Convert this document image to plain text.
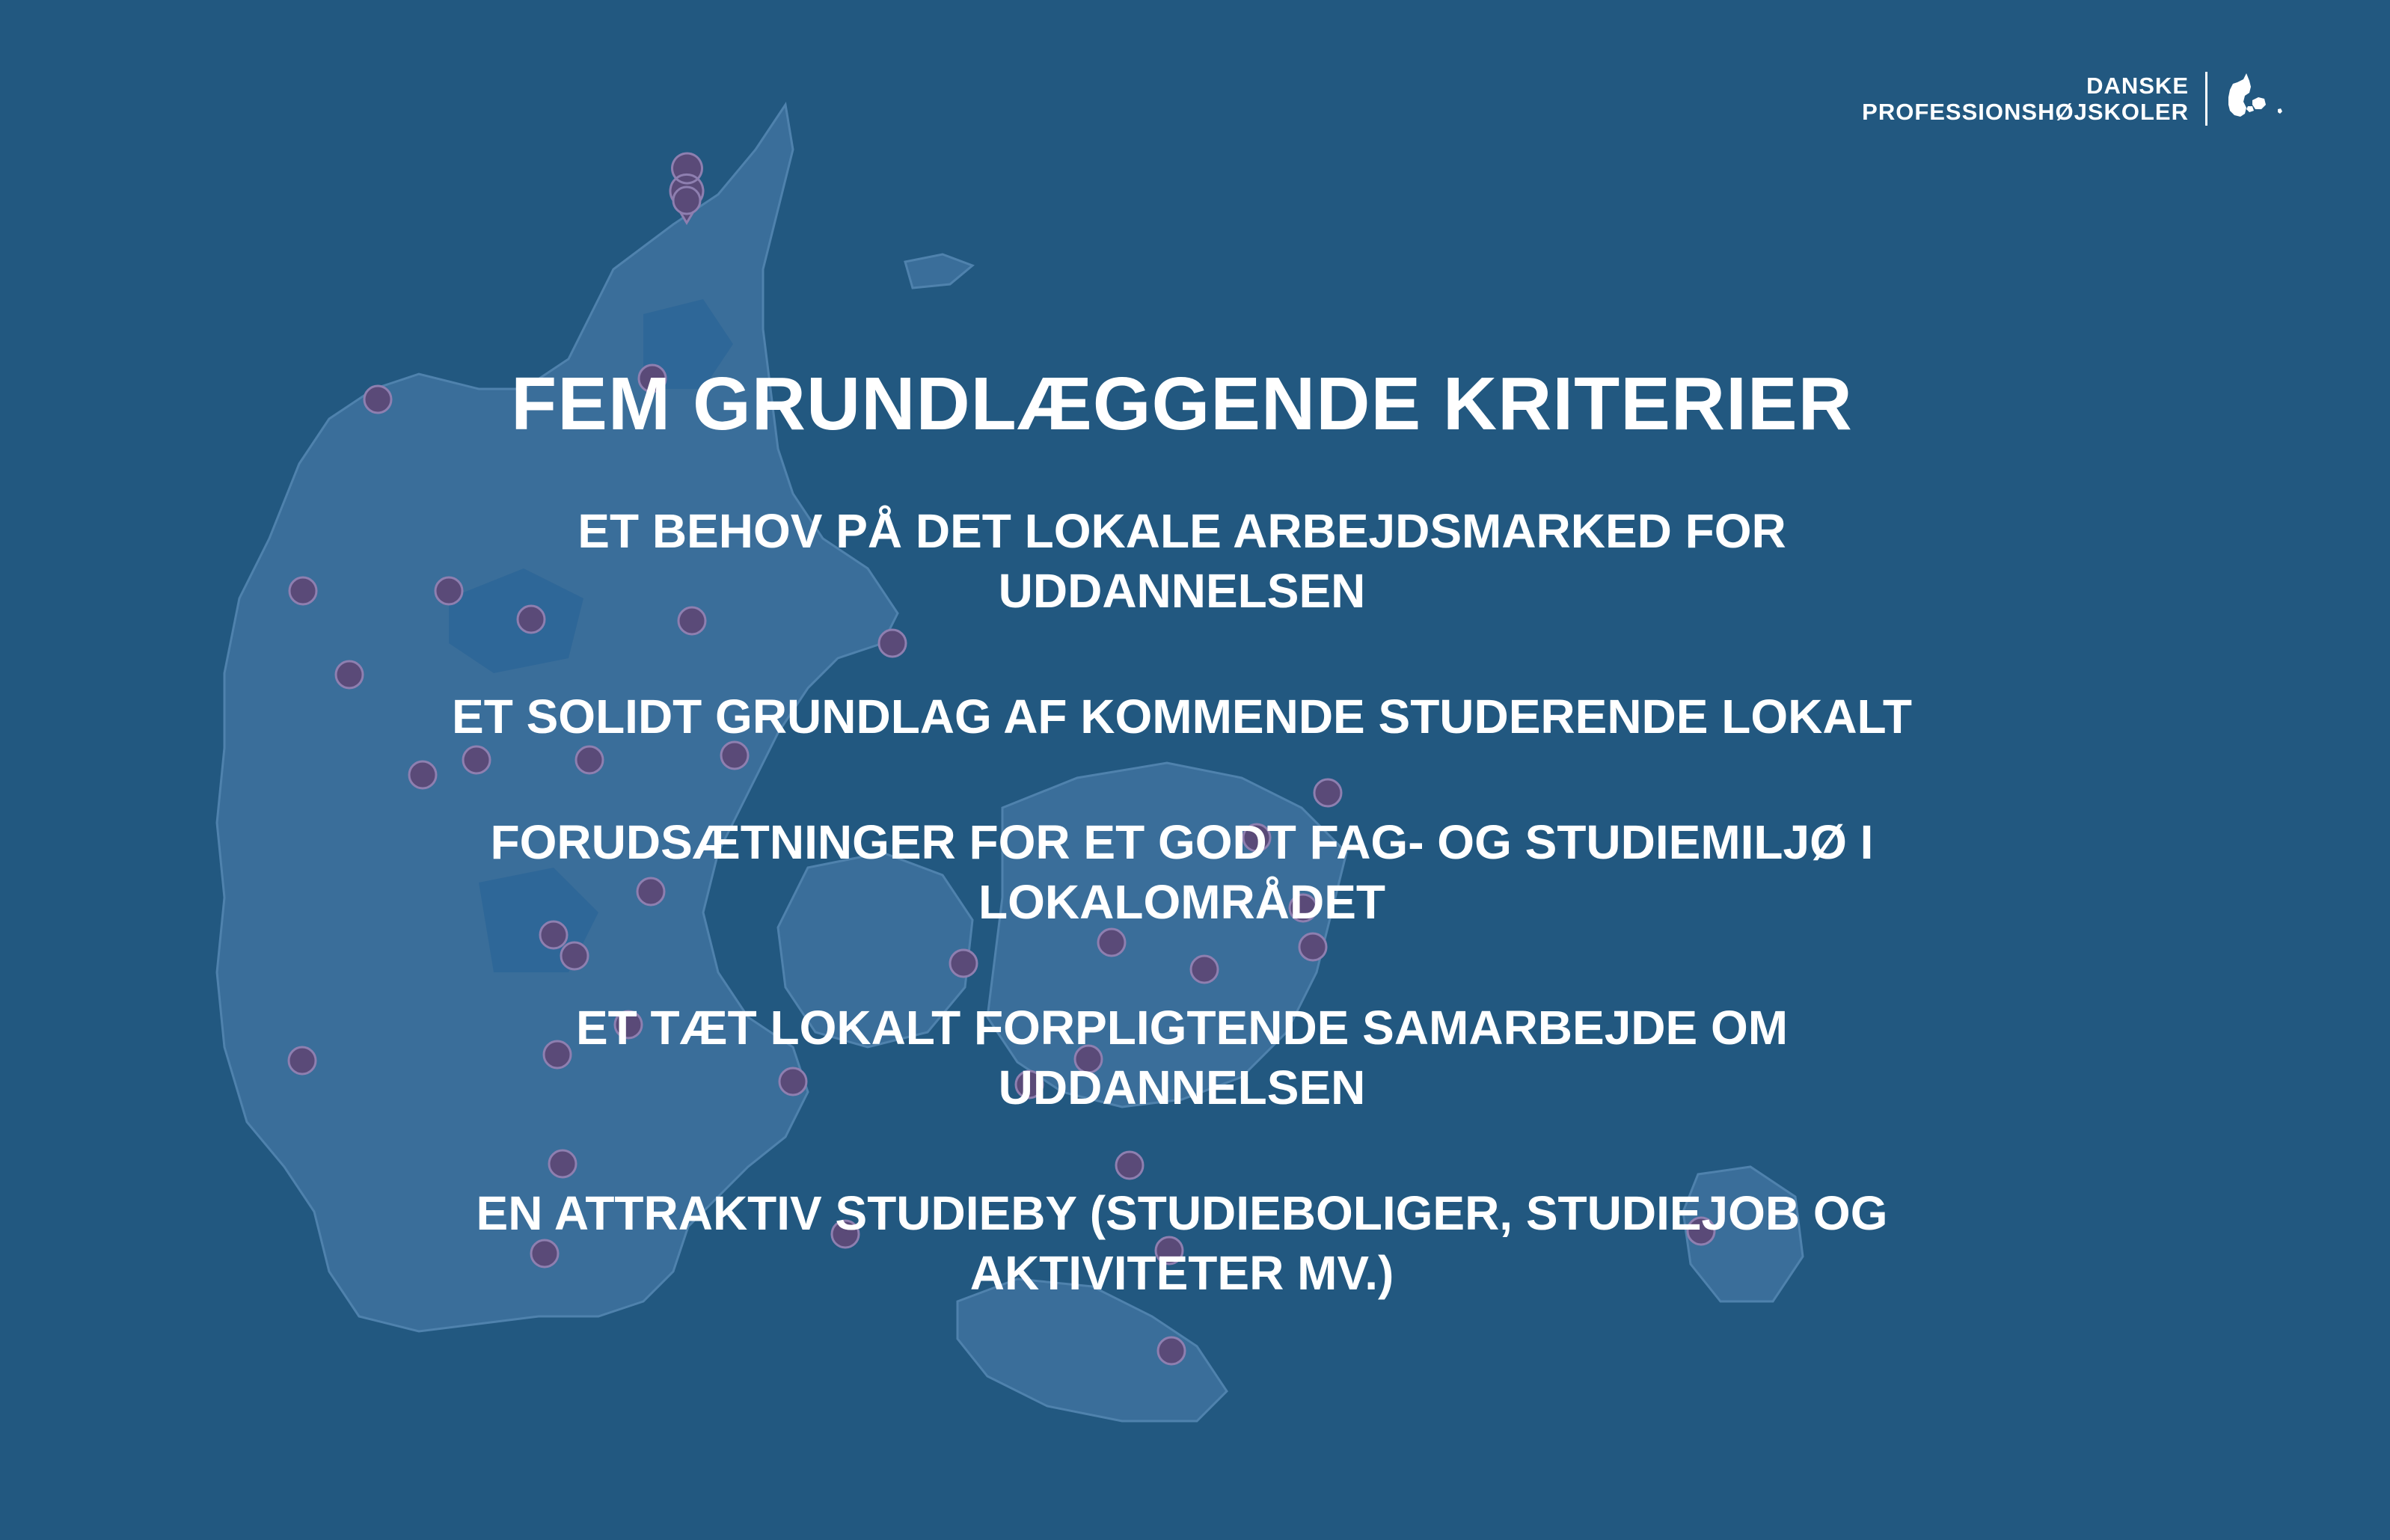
DANSKE
PROFESSIONSHØJSKOLER
FEM GRUNDLÆGGENDE KRITERIER
ET BEHOV PÅ DET LOKALE ARBEJDSMARKED FOR UDDANNELSEN
ET SOLIDT GRUNDLAG AF KOMMENDE STUDERENDE LOKALT
FORUDSÆTNINGER FOR ET GODT FAG- OG STUDIEMILJØ I LOKALOMRÅDET
ET TÆT LOKALT FORPLIGTENDE SAMARBEJDE OM UDDANNELSEN
EN ATTRAKTIV STUDIEBY (STUDIEBOLIGER, STUDIEJOB OG AKTIVITETER MV.)
